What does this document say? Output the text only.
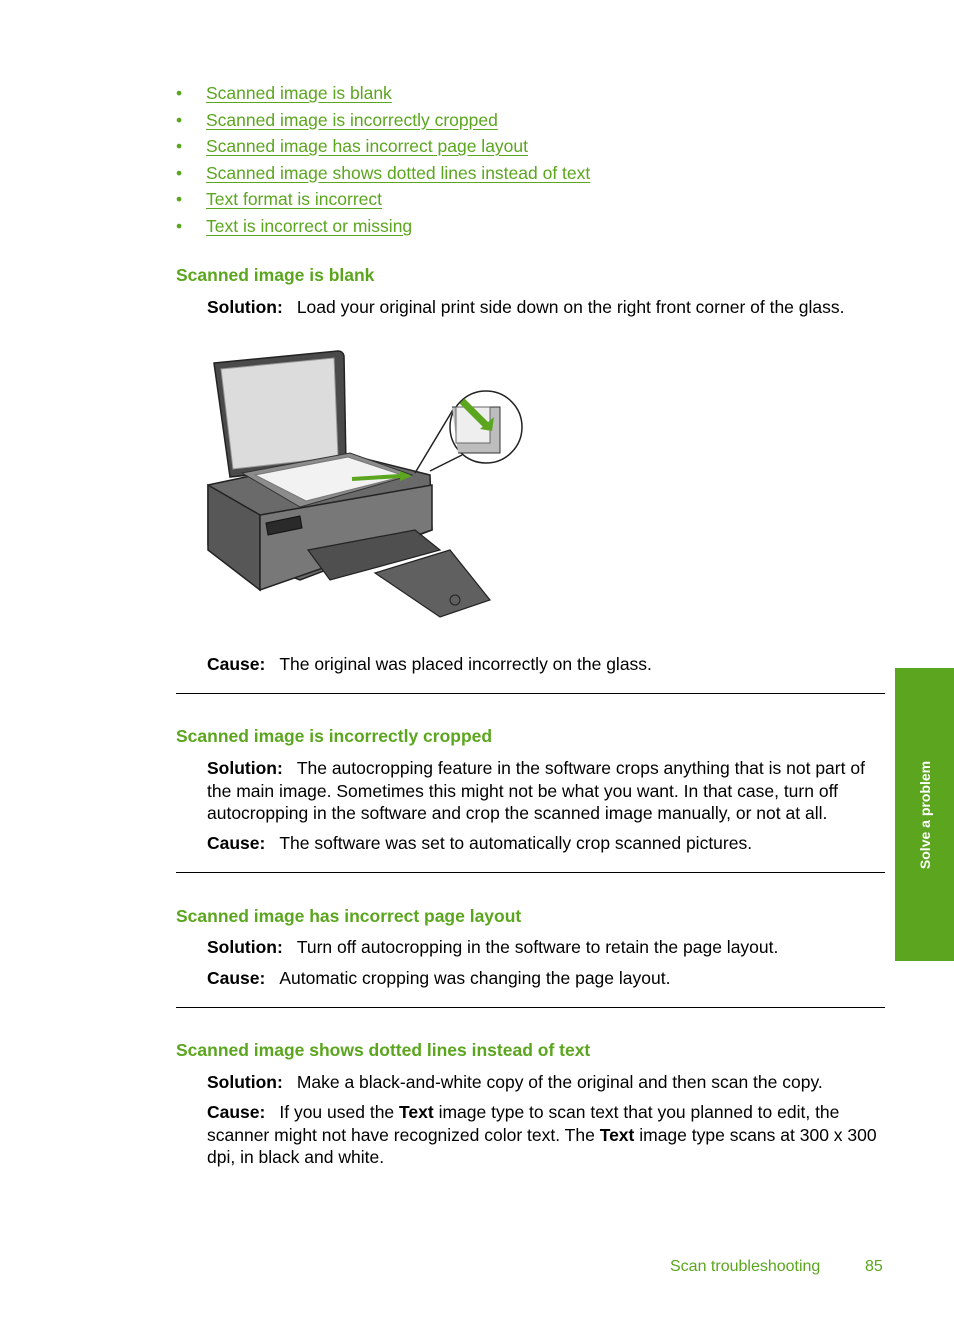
• Scanned image is blank
• Scanned image is incorrectly cropped
• Scanned image has incorrect page layout
• Scanned image shows dotted lines instead of text
• Text format is incorrect
• Text is incorrect or missing
Scanned image is blank
Solution: Load your original print side down on the right front corner of the glass.
Cause: The original was placed incorrectly on the glass.
Scanned image is incorrectly cropped
Solution: The autocropping feature in the software crops anything that is not part of the main image. Sometimes this might not be what you want. In that case, turn off autocropping in the software and crop the scanned image manually, or not at all.
Cause: The software was set to automatically crop scanned pictures.
Scanned image has incorrect page layout
Solution: Turn off autocropping in the software to retain the page layout.
Cause: Automatic cropping was changing the page layout.
Scanned image shows dotted lines instead of text
Solution: Make a black-and-white copy of the original and then scan the copy.
Cause: If you used the Text image type to scan text that you planned to edit, the scanner might not have recognized color text. The Text image type scans at 300 x 300 dpi, in black and white.
Solve a problem
Scan troubleshooting	85
